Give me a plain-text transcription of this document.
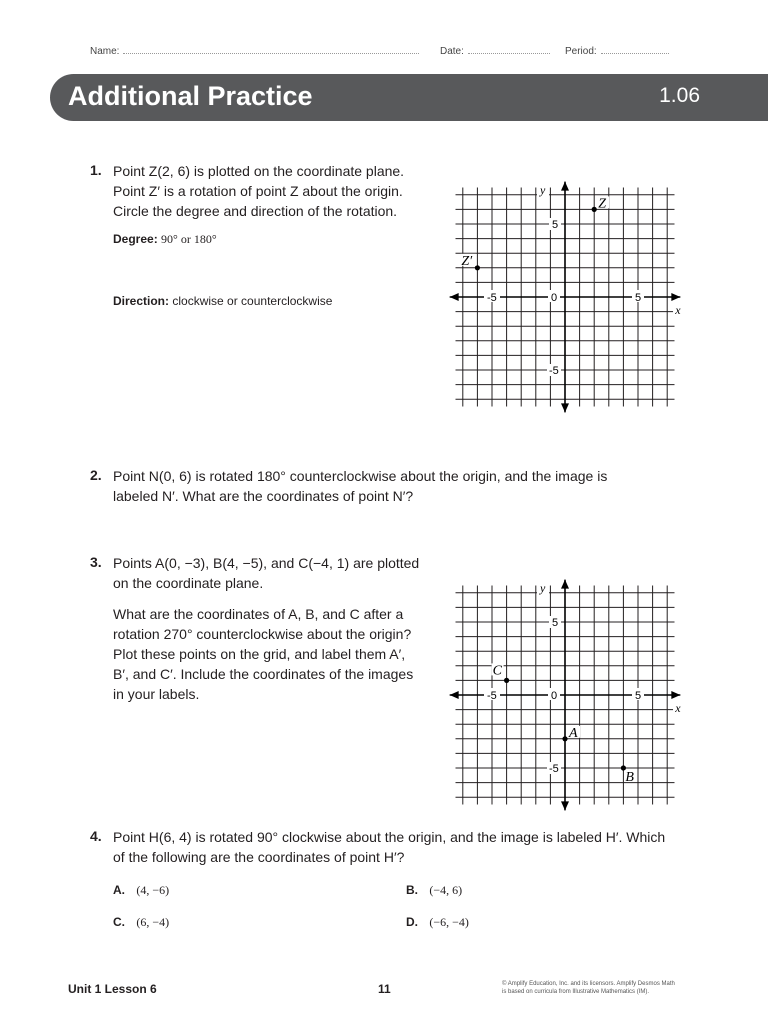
Name:	Date:	Period:
Additional Practice	1.06
1. Point Z(2, 6) is plotted on the coordinate plane.
Point Z′ is a rotation of point Z about the origin.
Circle the degree and direction of the rotation.
Degree: 90° or 180°
Direction: clockwise or counterclockwise	-5	0	5
5
-5
x
y
Z
Z′
2. Point N(0, 6) is rotated 180° counterclockwise about the origin, and the image is
labeled N′. What are the coordinates of point N′?
3. Points A(0, −3), B(4, −5), and C(−4, 1) are plotted
on the coordinate plane.
What are the coordinates of A, B, and C after a
rotation 270° counterclockwise about the origin?
Plot these points on the grid, and label them A′,
B′, and C′. Include the coordinates of the images
in your labels.	-5	0	5
5
-5
x
y
C
A
B
4. Point H(6, 4) is rotated 90° clockwise about the origin, and the image is labeled H′. Which
of the following are the coordinates of point H′?
A. (4, −6)	B. (−4, 6)
C. (6, −4)	D. (−6, −4)
Unit 1 Lesson 6	11	© Amplify Education, Inc. and its licensors. Amplify Desmos Math
is based on curricula from Illustrative Mathematics (IM).
